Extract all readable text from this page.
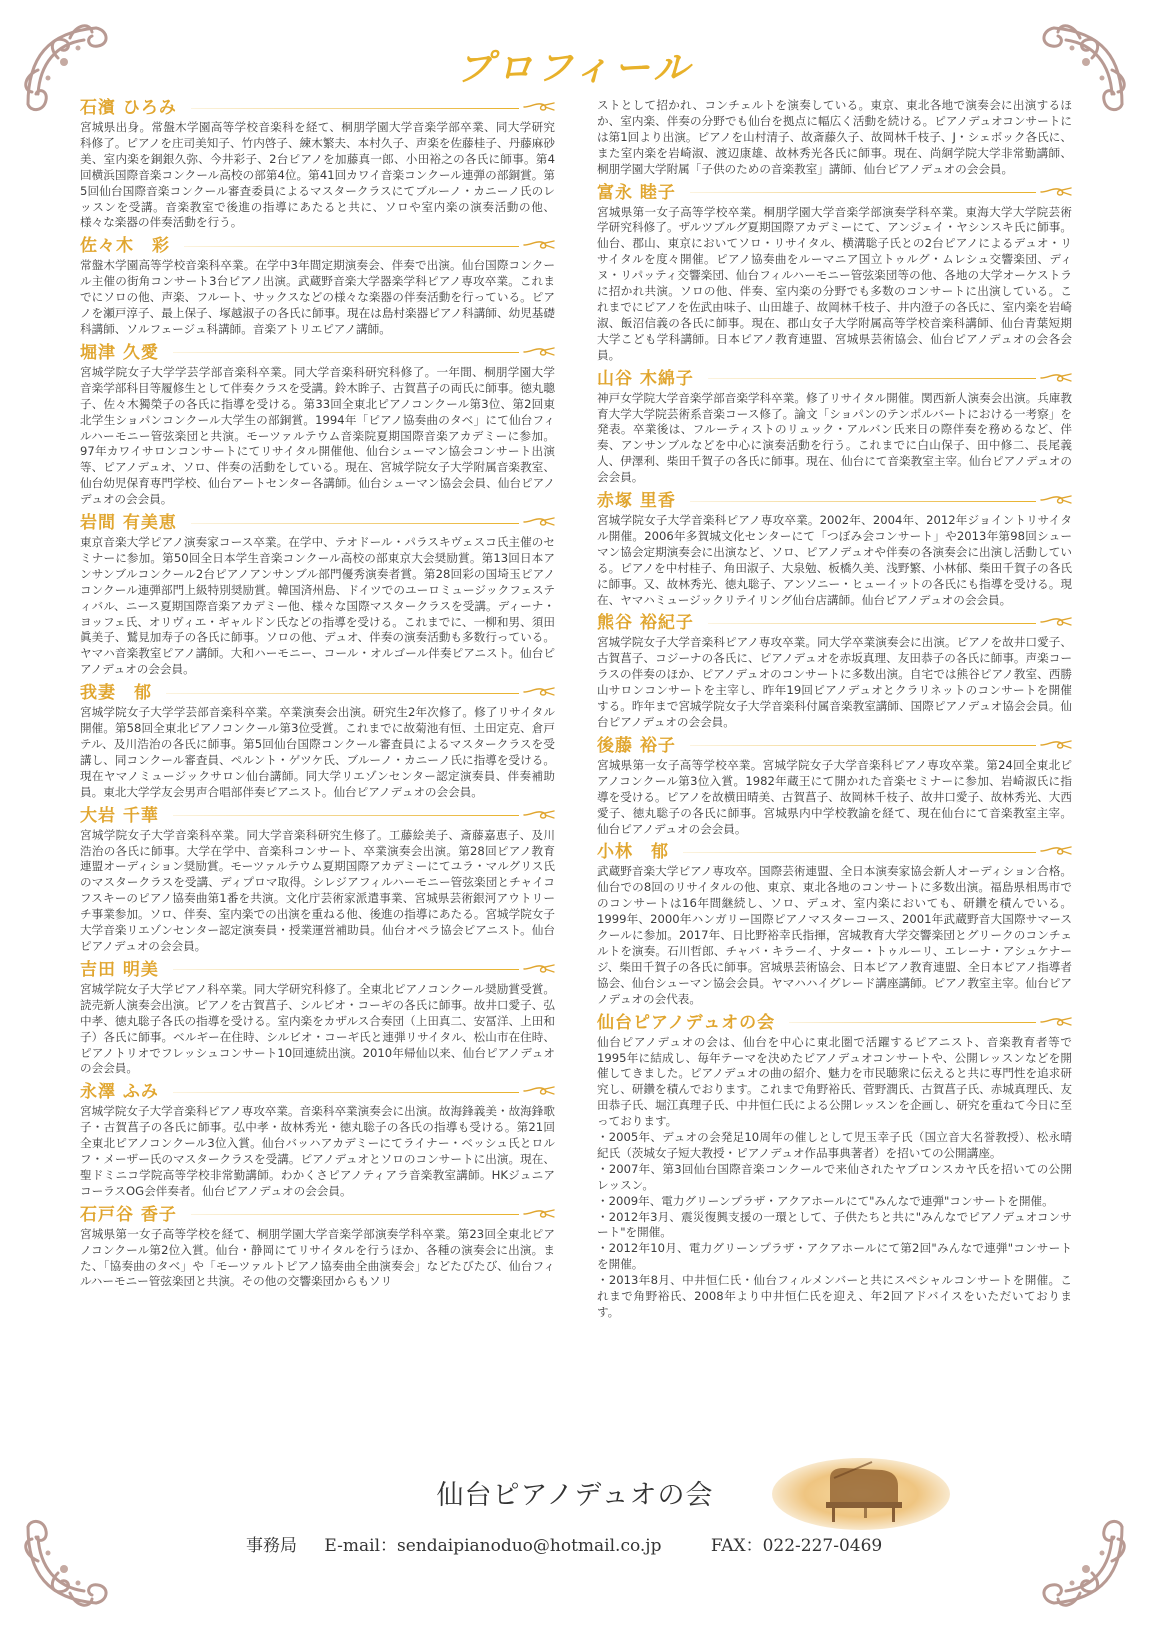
プロフィール
石濱 ひろみ

宮城県出身。常盤木学園高等学校音楽科を経て、桐朋学園大学音楽学部卒業、同大学研究科修了。ピアノを庄司美知子、竹内啓子、練木繁夫、本村久子、声楽を佐藤桂子、丹藤麻砂美、室内楽を銅銀久弥、今井彩子、2台ピアノを加藤真一郎、小田裕之の各氏に師事。第4回横浜国際音楽コンクール高校の部第4位。第41回カワイ音楽コンクール連弾の部銅賞。第5回仙台国際音楽コンクール審査委員によるマスタークラスにてブルーノ・カニーノ氏のレッスンを受講。音楽教室で後進の指導にあたると共に、ソロや室内楽の演奏活動の他、様々な楽器の伴奏活動を行う。

佐々木　彩

常盤木学園高等学校音楽科卒業。在学中3年間定期演奏会、伴奏で出演。仙台国際コンクール主催の街角コンサート3台ピアノ出演。武蔵野音楽大学器楽学科ピアノ専攻卒業。これまでにソロの他、声楽、フルート、サックスなどの様々な楽器の伴奏活動を行っている。ピアノを瀬戸淳子、最上保子、塚越淑子の各氏に師事。現在は島村楽器ピアノ科講師、幼児基礎科講師、ソルフェージュ科講師。音楽アトリエピアノ講師。

堀津 久愛

宮城学院女子大学学芸学部音楽科卒業。同大学音楽科研究科修了。一年間、桐朋学園大学音楽学部科目等履修生として伴奏クラスを受講。鈴木眸子、古賀菖子の両氏に師事。徳丸聰子、佐々木獨榮子の各氏に指導を受ける。第33回全東北ピアノコンクール第3位、第2回東北学生ショパンコンクール大学生の部銅賞。1994年「ピアノ協奏曲のタベ」にて仙台フィルハーモニー管弦楽団と共演。モーツァルテウム音楽院夏期国際音楽アカデミーに参加。97年カワイサロンコンサートにてリサイタル開催他、仙台シューマン協会コンサート出演等、ピアノデュオ、ソロ、伴奏の活動をしている。現在、宮城学院女子大学附属音楽教室、仙台幼児保育専門学校、仙台アートセンター各講師。仙台シューマン協会会員、仙台ピアノデュオの会会員。

岩間 有美恵

東京音楽大学ピアノ演奏家コース卒業。在学中、テオドール・パラスキヴェスコ氏主催のセミナーに参加。第50回全日本学生音楽コンクール高校の部東京大会奨励賞。第13回日本アンサンブルコンクール2台ピアノアンサンブル部門優秀演奏者賞。第28回彩の国埼玉ピアノコンクール連弾部門上級特別奨励賞。韓国済州島、ドイツでのユーロミュージックフェスティバル、ニース夏期国際音楽アカデミー他、様々な国際マスタークラスを受講。ディーナ・ヨッフェ氏、オリヴィエ・ギャルドン氏などの指導を受ける。これまでに、一柳和男、須田眞美子、鷲見加寿子の各氏に師事。ソロの他、デュオ、伴奏の演奏活動も多数行っている。ヤマハ音楽教室ピアノ講師。大和ハーモニー、コール・オルゴール伴奏ピアニスト。仙台ピアノデュオの会会員。

我妻　郁

宮城学院女子大学学芸部音楽科卒業。卒業演奏会出演。研究生2年次修了。修了リサイタル開催。第58回全東北ピアノコンクール第3位受賞。これまでに故菊池有恒、土田定克、倉戸テル、及川浩治の各氏に師事。第5回仙台国際コンクール審査員によるマスタークラスを受講し、同コンクール審査員、ペルント・ゲツケ氏、ブルーノ・カニーノ氏に指導を受ける。現在ヤマノミュージックサロン仙台講師。同大学リエゾンセンター認定演奏員、伴奏補助員。東北大学学友会男声合唱部伴奏ピアニスト。仙台ピアノデュオの会会員。

大岩 千華

宮城学院女子大学音楽科卒業。同大学音楽科研究生修了。工藤絵美子、斎藤嘉恵子、及川浩治の各氏に師事。大学在学中、音楽科コンサート、卒業演奏会出演。第28回ピアノ教育連盟オーディション奨励賞。モーツァルテウム夏期国際アカデミーにてユラ・マルグリス氏のマスタークラスを受講、ディプロマ取得。シレジアフィルハーモニー管弦楽団とチャイコフスキーのピアノ協奏曲第1番を共演。文化庁芸術家派遣事業、宮城県芸術銀河アウトリーチ事業参加。ソロ、伴奏、室内楽での出演を重ねる他、後進の指導にあたる。宮城学院女子大学音楽リエゾンセンター認定演奏員・授業運営補助員。仙台オペラ協会ピアニスト。仙台ピアノデュオの会会員。

吉田 明美

宮城学院女子大学ピアノ科卒業。同大学研究科修了。全東北ピアノコンクール奨励賞受賞。読売新人演奏会出演。ピアノを古賀菖子、シルビオ・コーギの各氏に師事。故井口愛子、弘中孝、徳丸聡子各氏の指導を受ける。室内楽をカザルス合奏団（上田真二、安冨洋、上田和子）各氏に師事。ベルギー在住時、シルビオ・コーギ氏と連弾リサイタル、松山市在住時、ピアノトリオでフレッシュコンサート10回連続出演。2010年帰仙以来、仙台ピアノデュオの会会員。

永澤 ふみ

宮城学院女子大学音楽科ピアノ専攻卒業。音楽科卒業演奏会に出演。故海鋒義美・故海鋒歌子・古賀菖子の各氏に師事。弘中孝・故林秀光・徳丸聡子の各氏の指導も受ける。第21回全東北ピアノコンクール3位入賞。仙台バッハアカデミーにてライナー・ベッシュ氏とロルフ・メーザー氏のマスタークラスを受講。ピアノデュオとソロのコンサートに出演。現在、聖ドミニコ学院高等学校非常勤講師。わかくさピアノティアラ音楽教室講師。HKジュニアコーラスOG会伴奏者。仙台ピアノデュオの会会員。

石戸谷 香子

宮城県第一女子高等学校を経て、桐朋学園大学音楽学部演奏学科卒業。第23回全東北ピアノコンクール第2位入賞。仙台・静岡にてリサイタルを行うほか、各種の演奏会に出演。また、「協奏曲のタベ」や「モーツァルトピアノ協奏曲全曲演奏会」などたびたび、仙台フィルハーモニー管弦楽団と共演。その他の交響楽団からもソリ

ストとして招かれ、コンチェルトを演奏している。東京、東北各地で演奏会に出演するほか、室内楽、伴奏の分野でも仙台を拠点に幅広く活動を続ける。ピアノデュオコンサートには第1回より出演。ピアノを山村清子、故斎藤久子、故岡林千枝子、J・シェボック各氏に、また室内楽を岩崎淑、渡辺康雄、故林秀光各氏に師事。現在、尚絅学院大学非常勤講師、桐朋学園大学附属「子供のための音楽教室」講師、仙台ピアノデュオの会会員。

富永 睦子

宮城県第一女子高等学校卒業。桐朋学園大学音楽学部演奏学科卒業。東海大学大学院芸術学研究科修了。ザルツブルグ夏期国際アカデミーにて、アンジェイ・ヤシンスキ氏に師事。仙台、郡山、東京においてソロ・リサイタル、横溝聡子氏との2台ピアノによるデュオ・リサイタルを度々開催。ピアノ協奏曲をルーマニア国立トゥルグ・ムレシュ交響楽団、ディヌ・リパッティ交響楽団、仙台フィルハーモニー管弦楽団等の他、各地の大学オーケストラに招かれ共演。ソロの他、伴奏、室内楽の分野でも多数のコンサートに出演している。これまでにピアノを佐武由味子、山田雄子、故岡林千枝子、井内澄子の各氏に、室内楽を岩崎淑、飯沼信義の各氏に師事。現在、郡山女子大学附属高等学校音楽科講師、仙台青葉短期大学こども学科講師。日本ピアノ教育連盟、宮城県芸術協会、仙台ピアノデュオの会各会員。

山谷 木綿子

神戸女学院大学音楽学部音楽学科卒業。修了リサイタル開催。関西新人演奏会出演。兵庫教育大学大学院芸術系音楽コース修了。論文「ショパンのテンポルバートにおける一考察」を発表。卒業後は、フルーティストのリュック・アルバン氏来日の際伴奏を務めるなど、伴奏、アンサンブルなどを中心に演奏活動を行う。これまでに白山保子、田中修二、長尾義人、伊澤利、柴田千賀子の各氏に師事。現在、仙台にて音楽教室主宰。仙台ピアノデュオの会会員。

赤塚 里香

宮城学院女子大学音楽科ピアノ専攻卒業。2002年、2004年、2012年ジョイントリサイタル開催。2006年多賀城文化センターにて「つぼみ会コンサート」や2013年第98回シューマン協会定期演奏会に出演など、ソロ、ピアノデュオや伴奏の各演奏会に出演し活動している。ピアノを中村桂子、角田淑子、大泉勉、板橋久美、浅野繁、小林郁、柴田千賀子の各氏に師事。又、故林秀光、徳丸聡子、アンソニー・ヒューイットの各氏にも指導を受ける。現在、ヤマハミュージックリテイリング仙台店講師。仙台ピアノデュオの会会員。

熊谷 裕紀子

宮城学院女子大学音楽科ピアノ専攻卒業。同大学卒業演奏会に出演。ピアノを故井口愛子、古賀菖子、コジーナの各氏に、ピアノデュオを赤坂真理、友田恭子の各氏に師事。声楽コーラスの伴奏のほか、ピアノデュオのコンサートに多数出演。自宅では熊谷ピアノ教室、西勝山サロンコンサートを主宰し、昨年19回ピアノデュオとクラリネットのコンサートを開催する。昨年まで宮城学院女子大学音楽科付属音楽教室講師、国際ピアノデュオ協会会員。仙台ピアノデュオの会会員。

後藤 裕子

宮城県第一女子高等学校卒業。宮城学院女子大学音楽科ピアノ専攻卒業。第24回全東北ピアノコンクール第3位入賞。1982年蔵王にて開かれた音楽セミナーに参加、岩崎淑氏に指導を受ける。ピアノを故横田晴美、古賀菖子、故岡林千枝子、故井口愛子、故林秀光、大西愛子、徳丸聡子の各氏に師事。宮城県内中学校教諭を経て、現在仙台にて音楽教室主宰。仙台ピアノデュオの会会員。

小林　郁

武蔵野音楽大学ピアノ専攻卒。国際芸術連盟、全日本演奏家協会新人オーディション合格。仙台での8回のリサイタルの他、東京、東北各地のコンサートに多数出演。福島県相馬市でのコンサートは16年間継続し、ソロ、デュオ、室内楽においても、研鑽を積んでいる。1999年、2000年ハンガリー国際ピアノマスターコース、2001年武蔵野音大国際サマースクールに参加。2017年、日比野裕幸氏指揮，宮城教育大学交響楽団とグリークのコンチェルトを演奏。石川哲郎、チャバ・キラーイ、ナター・トゥルーリ、エレーナ・アシュケナージ、柴田千賀子の各氏に師事。宮城県芸術協会、日本ピアノ教育連盟、全日本ピアノ指導者協会、仙台シューマン協会会員。ヤマハハイグレード講座講師。ピアノ教室主宰。仙台ピアノデュオの会代表。

仙台ピアノデュオの会

仙台ピアノデュオの会は、仙台を中心に東北圏で活躍するピアニスト、音楽教育者等で1995年に結成し、毎年テーマを決めたピアノデュオコンサートや、公開レッスンなどを開催してきました。ピアノデュオの曲の紹介、魅力を市民聴衆に伝えると共に専門性を追求研究し、研鑽を積んでおります。これまで角野裕氏、菅野潤氏、古賀菖子氏、赤城真理氏、友田恭子氏、堀江真理子氏、中井恒仁氏による公開レッスンを企画し、研究を重ねて今日に至っております。

・2005年、デュオの会発足10周年の催しとして児玉幸子氏（国立音大名誉教授）、松永晴紀氏（茨城女子短大教授・ピアノデュオ作品事典著者）を招いての公開講座。

・2007年、第3回仙台国際音楽コンクールで来仙されたヤブロンスカヤ氏を招いての公開レッスン。

・2009年、電力グリーンプラザ・アクアホールにて"みんなで連弾"コンサートを開催。

・2012年3月、震災復興支援の一環として、子供たちと共に"みんなでピアノデュオコンサート"を開催。

・2012年10月、電力グリーンプラザ・アクアホールにて第2回"みんなで連弾"コンサートを開催。

・2013年8月、中井恒仁氏・仙台フィルメンバーと共にスペシャルコンサートを開催。これまで角野裕氏、2008年より中井恒仁氏を迎え、年2回アドバイスをいただいております。

仙台ピアノデュオの会
事務局 E-mail：sendaipianoduo@hotmail.co.jp	FAX：022-227-0469
